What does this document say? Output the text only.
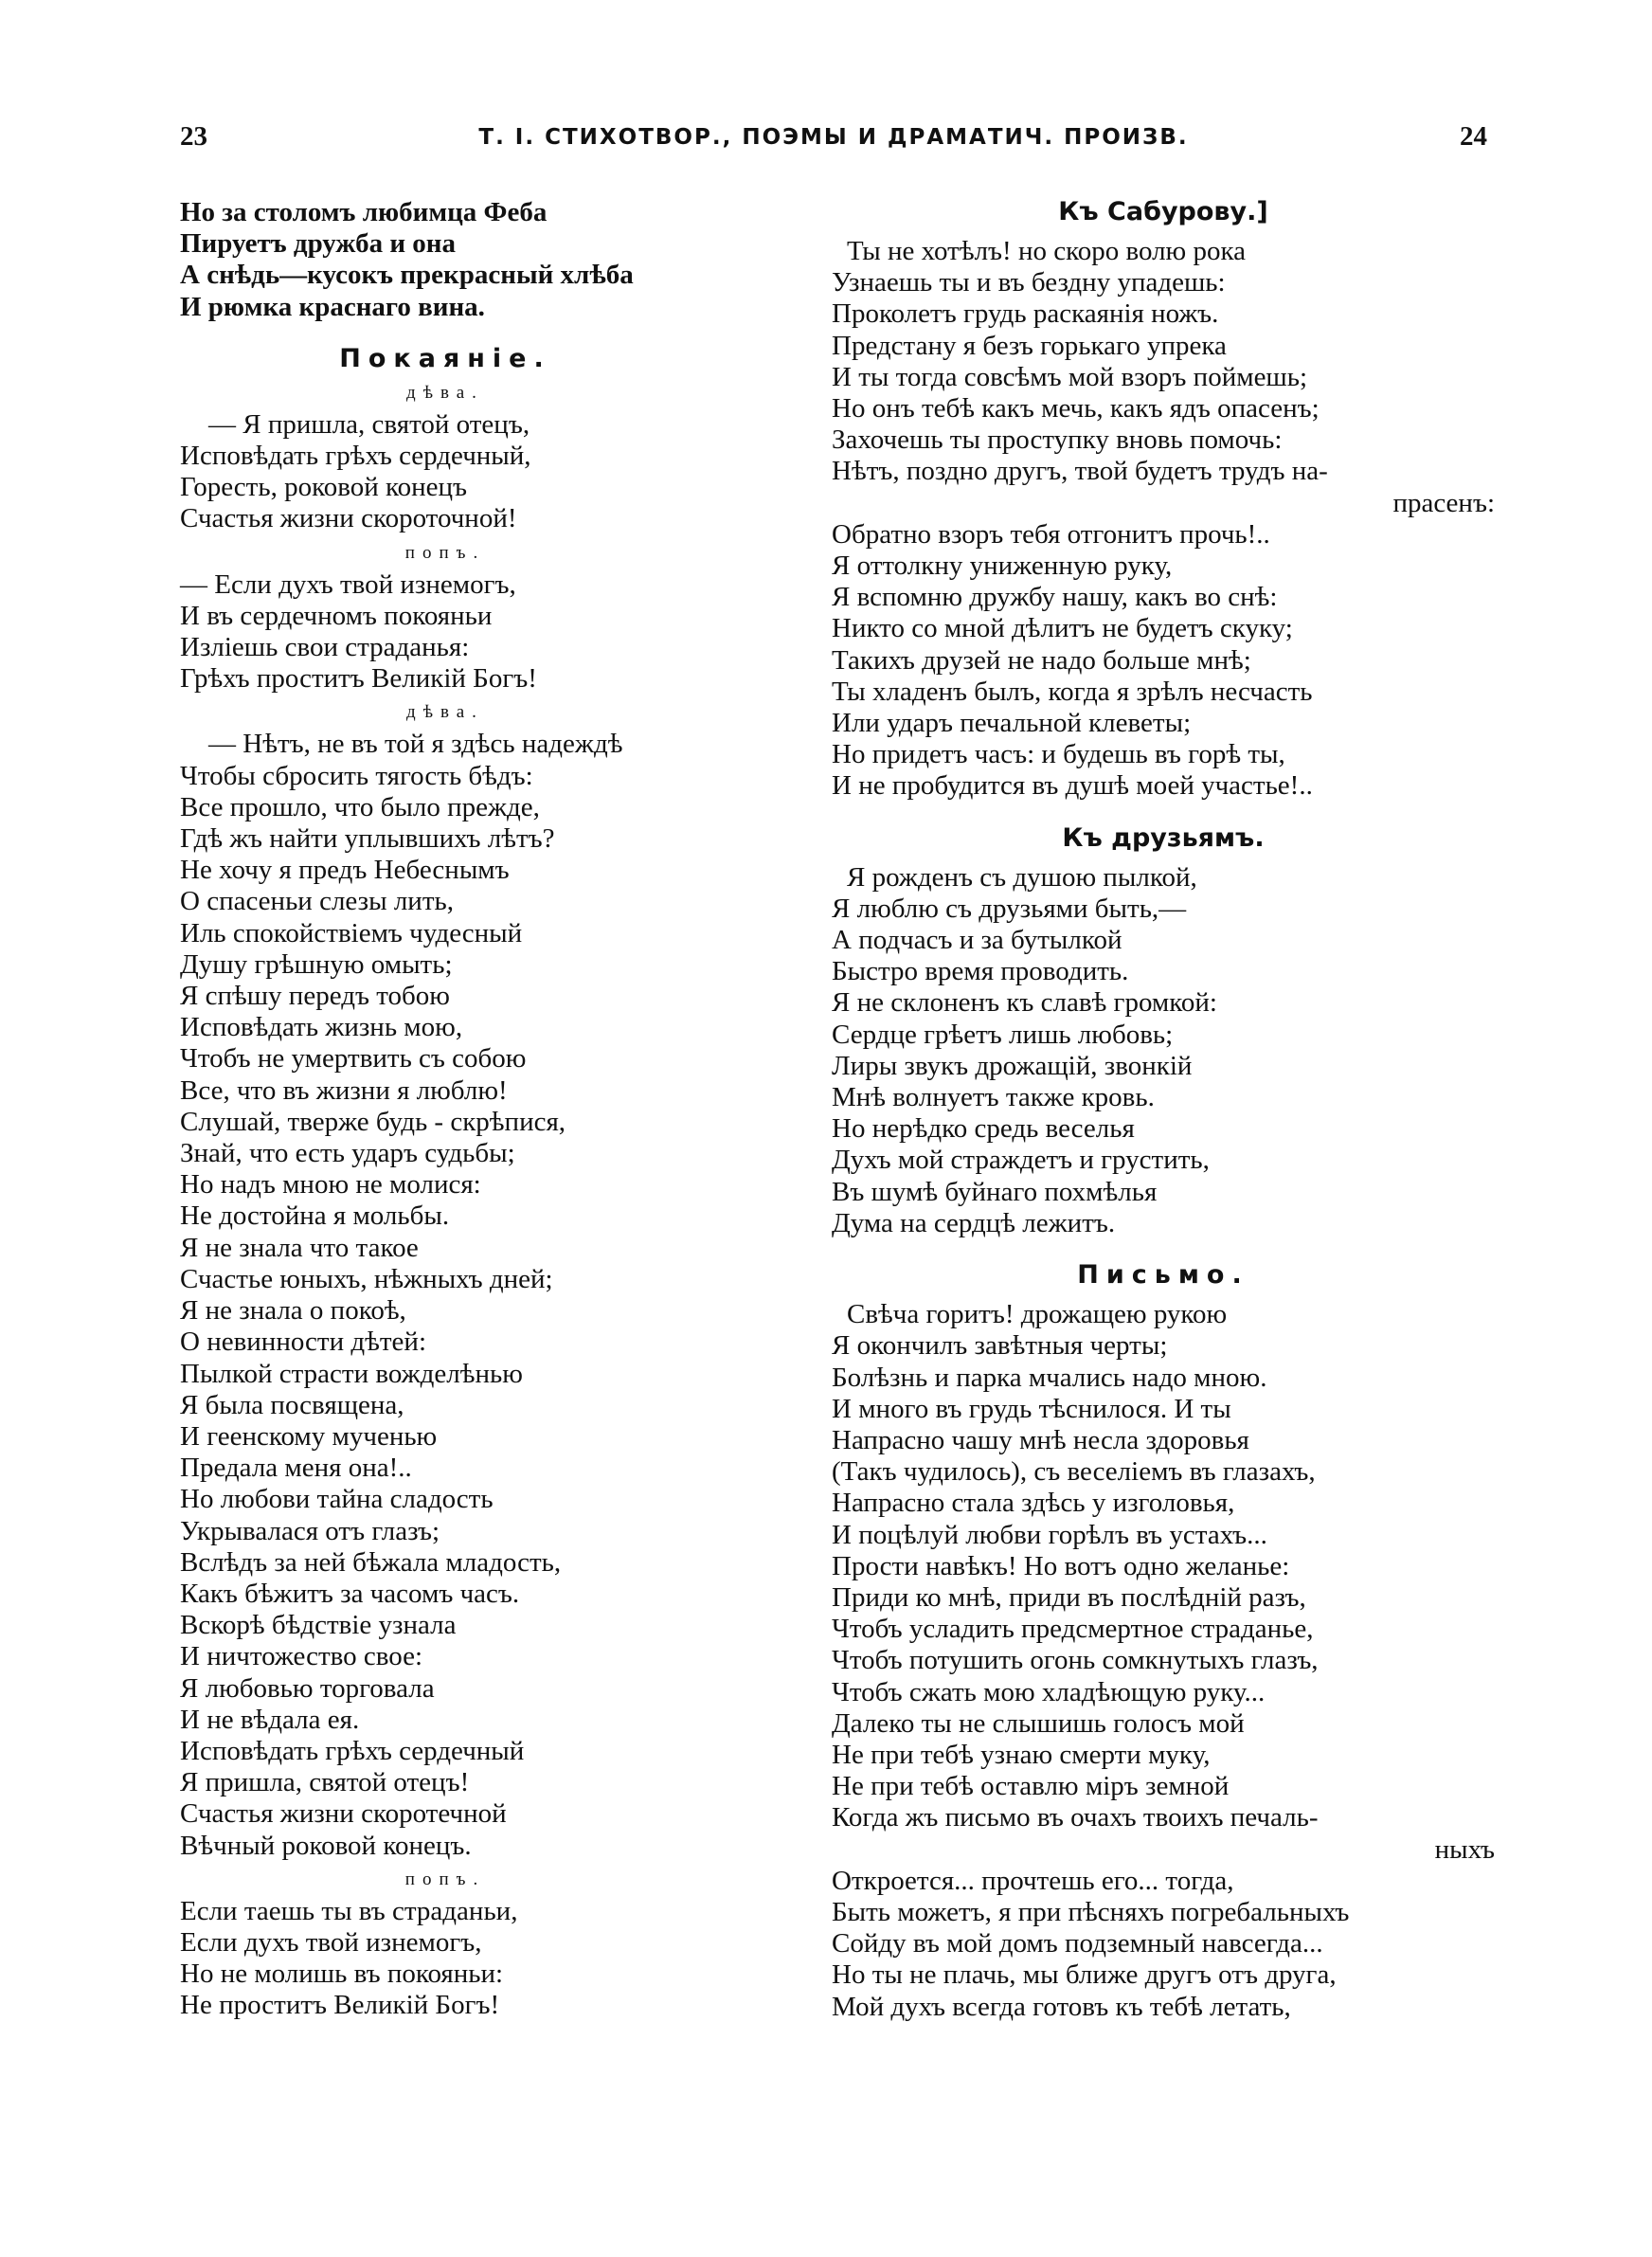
23	Т. I. СТИХОТВОР., ПОЭМЫ И ДРАМАТИЧ. ПРОИЗВ.	24
Но за столомъ любимца Феба
Пируетъ дружба и она
А снѣдь—кусокъ прекрасный хлѣба
И рюмка краснаго вина.
Покаяніе.
дѣва.
— Я пришла, святой отецъ,
Исповѣдать грѣхъ сердечный,
Горесть, роковой конецъ
Счастья жизни скороточной!
попъ.
— Если духъ твой изнемогъ,
И въ сердечномъ покояньи
Изліешь свои страданья:
Грѣхъ проститъ Великій Богъ!
дѣва.
— Нѣтъ, не въ той я здѣсь надеждѣ
Чтобы сбросить тягость бѣдъ:
Все прошло, что было прежде,
Гдѣ жъ найти уплывшихъ лѣтъ?
Не хочу я предъ Небеснымъ
О спасеньи слезы лить,
Иль спокойствіемъ чудесный
Душу грѣшную омыть;
Я спѣшу передъ тобою
Исповѣдать жизнь мою,
Чтобъ не умертвить съ собою
Все, что въ жизни я люблю!
Слушай, тверже будь - скрѣпися,
Знай, что есть ударъ судьбы;
Но надъ мною не молися:
Не достойна я мольбы.
Я не знала что такое
Счастье юныхъ, нѣжныхъ дней;
Я не знала о покоѣ,
О невинности дѣтей:
Пылкой страсти вожделѣнью
Я была посвящена,
И геенскому мученью
Предала меня она!..
Но любови тайна сладость
Укрывалася отъ глазъ;
Вслѣдъ за ней бѣжала младость,
Какъ бѣжитъ за часомъ часъ.
Вскорѣ бѣдствіе узнала
И ничтожество свое:
Я любовью торговала
И не вѣдала ея.
Исповѣдать грѣхъ сердечный
Я пришла, святой отецъ!
Счастья жизни скоротечной
Вѣчный роковой конецъ.
попъ.
Если таешь ты въ страданьи,
Если духъ твой изнемогъ,
Но не молишь въ покояньи:
Не проститъ Великій Богъ!
Къ Сабурову.]
Ты не хотѣлъ! но скоро волю рока
Узнаешь ты и въ бездну упадешь:
Проколетъ грудь раскаянія ножъ.
Предстану я безъ горькаго упрека
И ты тогда совсѣмъ мой взоръ поймешь;
Но онъ тебѣ какъ мечь, какъ ядъ опасенъ;
Захочешь ты проступку вновь помочь:
Нѣтъ, поздно другъ, твой будетъ трудъ на-
прасенъ:
Обратно взоръ тебя отгонитъ прочь!..
Я оттолкну униженную руку,
Я вспомню дружбу нашу, какъ во снѣ:
Никто со мной дѣлитъ не будетъ скуку;
Такихъ друзей не надо больше мнѣ;
Ты хладенъ былъ, когда я зрѣлъ несчасть
Или ударъ печальной клеветы;
Но придетъ часъ: и будешь въ горѣ ты,
И не пробудится въ душѣ моей участье!..
Къ друзьямъ.
Я рожденъ съ душою пылкой,
Я люблю съ друзьями быть,—
А подчасъ и за бутылкой
Быстро время проводить.
Я не склоненъ къ славѣ громкой:
Сердце грѣетъ лишь любовь;
Лиры звукъ дрожащій, звонкій
Мнѣ волнуетъ также кровь.
Но нерѣдко средь веселья
Духъ мой страждетъ и грустить,
Въ шумѣ буйнаго похмѣлья
Дума на сердцѣ лежитъ.
Письмо.
Свѣча горитъ! дрожащею рукою
Я окончилъ завѣтныя черты;
Болѣзнь и парка мчались надо мною.
И много въ грудь тѣснилося. И ты
Напрасно чашу мнѣ несла здоровья
(Такъ чудилось), съ веселіемъ въ глазахъ,
Напрасно стала здѣсь у изголовья,
И поцѣлуй любви горѣлъ въ устахъ...
Прости навѣкъ! Но вотъ одно желанье:
Приди ко мнѣ, приди въ послѣдній разъ,
Чтобъ усладить предсмертное страданье,
Чтобъ потушить огонь сомкнутыхъ глазъ,
Чтобъ сжать мою хладѣющую руку...
Далеко ты не слышишь голосъ мой
Не при тебѣ узнаю смерти муку,
Не при тебѣ оставлю міръ земной
Когда жъ письмо въ очахъ твоихъ печаль-
ныхъ
Откроется... прочтешь его... тогда,
Быть можетъ, я при пѣсняхъ погребальныхъ
Сойду въ мой домъ подземный навсегда...
Но ты не плачь, мы ближе другъ отъ друга,
Мой духъ всегда готовъ къ тебѣ летать,
